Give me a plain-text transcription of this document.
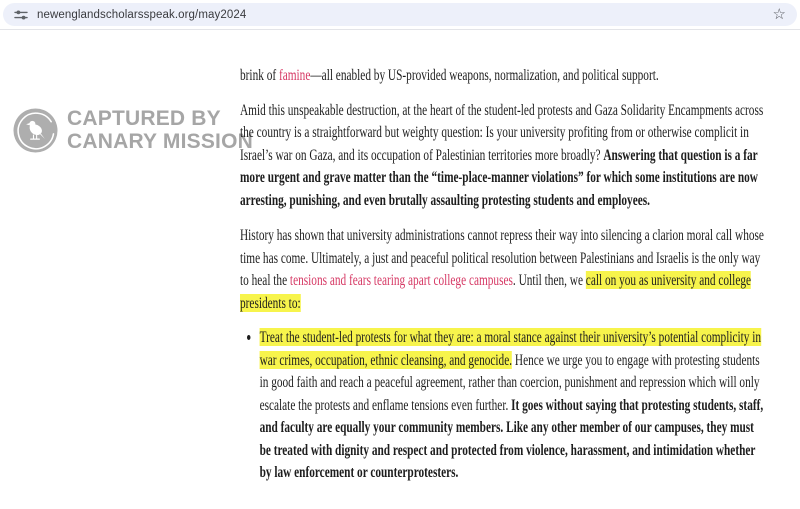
newenglandscholarsspeak.org/may2024	☆
CAPTURED BY
CANARY MISSION

brink of famine—all enabled by US-provided weapons, normalization, and political support.

Amid this unspeakable destruction, at the heart of the student-led protests and Gaza Solidarity Encampments across the country is a straightforward but weighty question: Is your university profiting from or otherwise complicit in Israel’s war on Gaza, and its occupation of Palestinian territories more broadly? Answering that question is a far more urgent and grave matter than the “time-place-manner violations” for which some institutions are now arresting, punishing, and even brutally assaulting protesting students and employees.

History has shown that university administrations cannot repress their way into silencing a clarion moral call whose time has come. Ultimately, a just and peaceful political resolution between Palestinians and Israelis is the only way to heal the tensions and fears tearing apart college campuses. Until then, we call on you as university and college presidents to:

• Treat the student-led protests for what they are: a moral stance against their university’s potential complicity in war crimes, occupation, ethnic cleansing, and genocide. Hence we urge you to engage with protesting students in good faith and reach a peaceful agreement, rather than coercion, punishment and repression which will only escalate the protests and enflame tensions even further. It goes without saying that protesting students, staff, and faculty are equally your community members. Like any other member of our campuses, they must be treated with dignity and respect and protected from violence, harassment, and intimidation whether by law enforcement or counterprotesters.
